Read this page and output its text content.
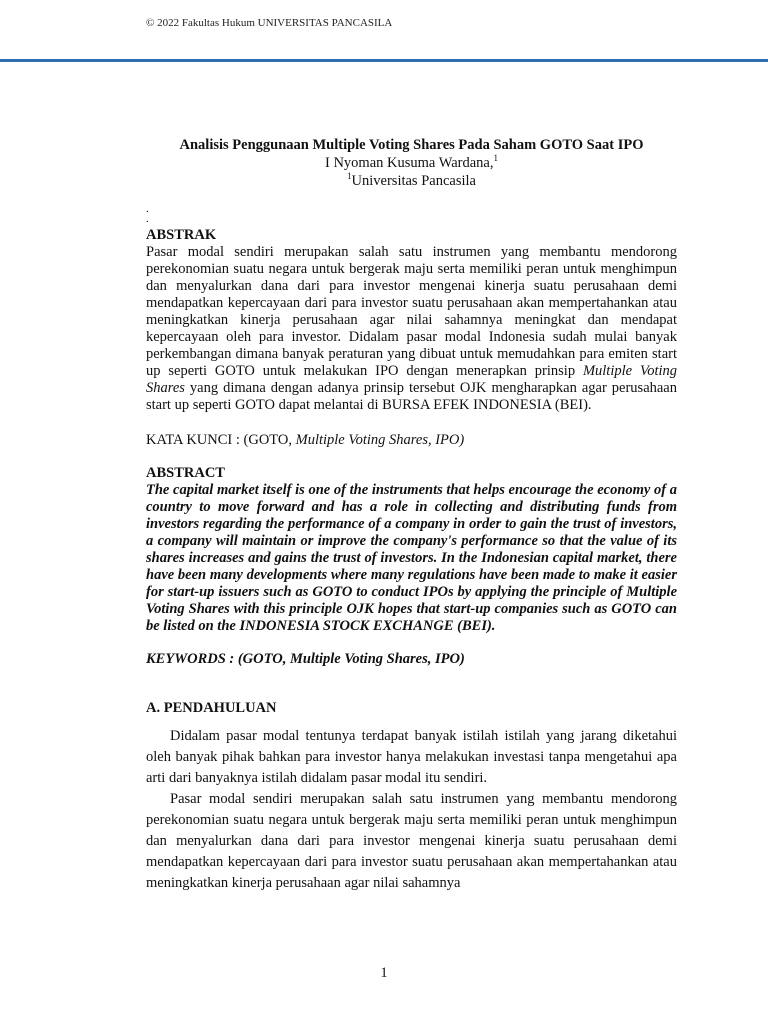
© 2022 Fakultas Hukum UNIVERSITAS PANCASILA
Analisis Penggunaan Multiple Voting Shares Pada Saham GOTO Saat IPO
I Nyoman Kusuma Wardana,$^1$
$^1$Universitas Pancasila
.
.
ABSTRAK

Pasar modal sendiri merupakan salah satu instrumen yang membantu mendorong perekonomian suatu negara untuk bergerak maju serta memiliki peran untuk menghimpun dan menyalurkan dana dari para investor mengenai kinerja suatu perusahaan demi mendapatkan kepercayaan dari para investor suatu perusahaan akan mempertahankan atau meningkatkan kinerja perusahaan agar nilai sahamnya meningkat dan mendapat kepercayaan oleh para investor. Didalam pasar modal Indonesia sudah mulai banyak perkembangan dimana banyak peraturan yang dibuat untuk memudahkan para emiten start up seperti GOTO untuk melakukan IPO dengan menerapkan prinsip Multiple Voting Shares yang dimana dengan adanya prinsip tersebut OJK mengharapkan agar perusahaan start up seperti GOTO dapat melantai di BURSA EFEK INDONESIA (BEI).

KATA KUNCI : (GOTO, Multiple Voting Shares, IPO)

ABSTRACT

The capital market itself is one of the instruments that helps encourage the economy of a country to move forward and has a role in collecting and distributing funds from investors regarding the performance of a company in order to gain the trust of investors, a company will maintain or improve the company's performance so that the value of its shares increases and gains the trust of investors. In the Indonesian capital market, there have been many developments where many regulations have been made to make it easier for start-up issuers such as GOTO to conduct IPOs by applying the principle of Multiple Voting Shares with this principle OJK hopes that start-up companies such as GOTO can be listed on the INDONESIA STOCK EXCHANGE (BEI).

KEYWORDS : (GOTO, Multiple Voting Shares, IPO)
A. PENDAHULUAN

Didalam pasar modal tentunya terdapat banyak istilah istilah yang jarang diketahui oleh banyak pihak bahkan para investor hanya melakukan investasi tanpa mengetahui apa arti dari banyaknya istilah didalam pasar modal itu sendiri.

Pasar modal sendiri merupakan salah satu instrumen yang membantu mendorong perekonomian suatu negara untuk bergerak maju serta memiliki peran untuk menghimpun dan menyalurkan dana dari para investor mengenai kinerja suatu perusahaan demi mendapatkan kepercayaan dari para investor suatu perusahaan akan mempertahankan atau meningkatkan kinerja perusahaan agar nilai sahamnya

1
